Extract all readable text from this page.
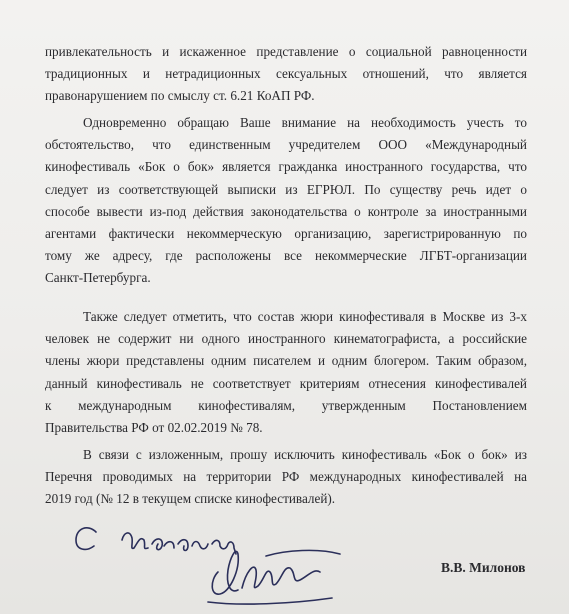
привлекательность и искаженное представление о социальной равноценности
традиционных и нетрадиционных сексуальных отношений, что является
правонарушением по смыслу ст. 6.21 КоАП РФ.
Одновременно обращаю Ваше внимание на необходимость учесть то
обстоятельство, что единственным учредителем ООО «Международный
кинофестиваль «Бок о бок» является гражданка иностранного государства, что
следует из соответствующей выписки из ЕГРЮЛ. По существу речь идет о
способе вывести из-под действия законодательства о контроле за иностранными
агентами фактически некоммерческую организацию, зарегистрированную по
тому же адресу, где расположены все некоммерческие ЛГБТ-организации
Санкт-Петербурга.
Также следует отметить, что состав жюри кинофестиваля в Москве из 3-х
человек не содержит ни одного иностранного кинематографиста, а российские
члены жюри представлены одним писателем и одним блогером. Таким образом,
данный кинофестиваль не соответствует критериям отнесения кинофестивалей
к международным кинофестивалям, утвержденным Постановлением
Правительства РФ от 02.02.2019 № 78.
В связи с изложенным, прошу исключить кинофестиваль «Бок о бок» из
Перечня проводимых на территории РФ международных кинофестивалей на
2019 год (№ 12 в текущем списке кинофестивалей).
В.В. Милонов
